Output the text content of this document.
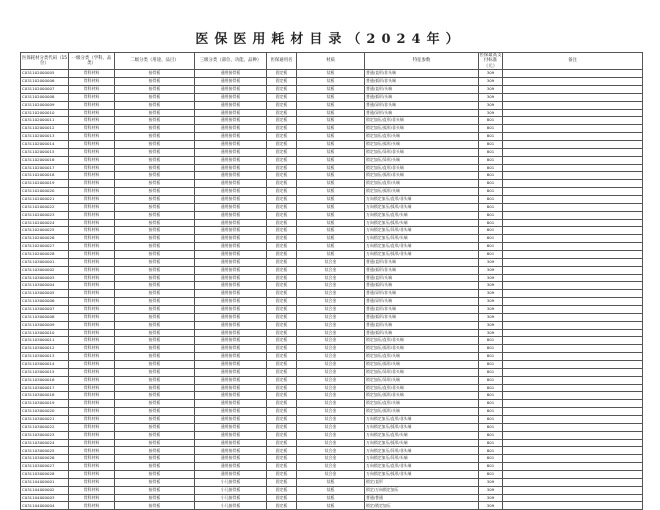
医保医用耗材目录（2024年）
医保耗材分类代码（15位）	一级分类（学科、品类）	二级分类（用途、品目）	三级分类（部位、功能、品种）	医保通用名	材质	特征参数	医保最高支付标准（元）	备注
C031102000005	骨科材料	接骨板	通用接骨板	固定板	钛板	普通/直形/非头端	309	
C031102000006	骨科材料	接骨板	通用接骨板	固定板	钛板	普通/弧形/非头端	309	
C031102000007	骨科材料	接骨板	通用接骨板	固定板	钛板	普通/直形/头端	309	
C031102000008	骨科材料	接骨板	通用接骨板	固定板	钛板	普通/弧形/头端	309	
C031102000009	骨科材料	接骨板	通用接骨板	固定板	钛板	普通/异形/非头端	309	
C031102000010	骨科材料	接骨板	通用接骨板	固定板	钛板	普通/异形/头端	309	
C031102000011	骨科材料	接骨板	通用接骨板	固定板	钛板	锁定加压/直形/非头端	801	
C031102000012	骨科材料	接骨板	通用接骨板	固定板	钛板	锁定加压/弧形/非头端	801	
C031102000013	骨科材料	接骨板	通用接骨板	固定板	钛板	锁定加压/直形/头端	801	
C031102000014	骨科材料	接骨板	通用接骨板	固定板	钛板	锁定加压/弧形/头端	801	
C031102000015	骨科材料	接骨板	通用接骨板	固定板	钛板	锁定加压/异形/非头端	801	
C031102000016	骨科材料	接骨板	通用接骨板	固定板	钛板	锁定加压/异形/头端	801	
C031102000017	骨科材料	接骨板	通用接骨板	固定板	钛板	锁定加压/直形/非头端	801	
C031102000018	骨科材料	接骨板	通用接骨板	固定板	钛板	锁定加压/弧形/非头端	801	
C031102000019	骨科材料	接骨板	通用接骨板	固定板	钛板	锁定加压/直形/头端	801	
C031102000020	骨科材料	接骨板	通用接骨板	固定板	钛板	锁定加压/弧形/头端	801	
C031102000021	骨科材料	接骨板	通用接骨板	固定板	钛板	万向锁定加压/直形/非头端	801	
C031102000022	骨科材料	接骨板	通用接骨板	固定板	钛板	万向锁定加压/弧形/非头端	801	
C031102000023	骨科材料	接骨板	通用接骨板	固定板	钛板	万向锁定加压/直形/头端	801	
C031102000024	骨科材料	接骨板	通用接骨板	固定板	钛板	万向锁定加压/弧形/头端	801	
C031102000025	骨科材料	接骨板	通用接骨板	固定板	钛板	万向锁定加压/异形/非头端	801	
C031102000026	骨科材料	接骨板	通用接骨板	固定板	钛板	万向锁定加压/异形/头端	801	
C031102000027	骨科材料	接骨板	通用接骨板	固定板	钛板	万向锁定加压/直形/非头端	801	
C031102000028	骨科材料	接骨板	通用接骨板	固定板	钛板	万向锁定加压/弧形/非头端	801	
C031103000001	骨科材料	接骨板	通用接骨板	固定板	钛合金	普通/直形/非头端	309	
C031103000002	骨科材料	接骨板	通用接骨板	固定板	钛合金	普通/弧形/非头端	309	
C031103000003	骨科材料	接骨板	通用接骨板	固定板	钛合金	普通/直形/头端	309	
C031103000004	骨科材料	接骨板	通用接骨板	固定板	钛合金	普通/弧形/头端	309	
C031103000005	骨科材料	接骨板	通用接骨板	固定板	钛合金	普通/异形/非头端	309	
C031103000006	骨科材料	接骨板	通用接骨板	固定板	钛合金	普通/异形/头端	309	
C031103000007	骨科材料	接骨板	通用接骨板	固定板	钛合金	普通/直形/非头端	309	
C031103000008	骨科材料	接骨板	通用接骨板	固定板	钛合金	普通/弧形/非头端	309	
C031103000009	骨科材料	接骨板	通用接骨板	固定板	钛合金	普通/直形/头端	309	
C031103000010	骨科材料	接骨板	通用接骨板	固定板	钛合金	普通/弧形/头端	309	
C031103000011	骨科材料	接骨板	通用接骨板	固定板	钛合金	锁定加压/直形/非头端	801	
C031103000012	骨科材料	接骨板	通用接骨板	固定板	钛合金	锁定加压/弧形/非头端	801	
C031103000013	骨科材料	接骨板	通用接骨板	固定板	钛合金	锁定加压/直形/头端	801	
C031103000014	骨科材料	接骨板	通用接骨板	固定板	钛合金	锁定加压/弧形/头端	801	
C031103000015	骨科材料	接骨板	通用接骨板	固定板	钛合金	锁定加压/异形/非头端	801	
C031103000016	骨科材料	接骨板	通用接骨板	固定板	钛合金	锁定加压/异形/头端	801	
C031103000017	骨科材料	接骨板	通用接骨板	固定板	钛合金	锁定加压/直形/非头端	801	
C031103000018	骨科材料	接骨板	通用接骨板	固定板	钛合金	锁定加压/弧形/非头端	801	
C031103000019	骨科材料	接骨板	通用接骨板	固定板	钛合金	锁定加压/直形/头端	801	
C031103000020	骨科材料	接骨板	通用接骨板	固定板	钛合金	锁定加压/弧形/头端	801	
C031103000021	骨科材料	接骨板	通用接骨板	固定板	钛合金	万向锁定加压/直形/非头端	801	
C031103000022	骨科材料	接骨板	通用接骨板	固定板	钛合金	万向锁定加压/弧形/非头端	801	
C031103000023	骨科材料	接骨板	通用接骨板	固定板	钛合金	万向锁定加压/直形/头端	801	
C031103000024	骨科材料	接骨板	通用接骨板	固定板	钛合金	万向锁定加压/弧形/头端	801	
C031103000025	骨科材料	接骨板	通用接骨板	固定板	钛合金	万向锁定加压/异形/非头端	801	
C031103000026	骨科材料	接骨板	通用接骨板	固定板	钛合金	万向锁定加压/异形/头端	801	
C031103000027	骨科材料	接骨板	通用接骨板	固定板	钛合金	万向锁定加压/直形/非头端	801	
C031103000028	骨科材料	接骨板	通用接骨板	固定板	钛合金	万向锁定加压/弧形/非头端	801	
C031104000001	骨科材料	接骨板	小儿接骨板	固定板	钛板	锁定/直形	309	
C031104000002	骨科材料	接骨板	小儿接骨板	固定板	钛板	锁定/万向锁定加压	309	
C031104000003	骨科材料	接骨板	小儿接骨板	固定板	钛板	普通/普通	309	
C031104000004	骨科材料	接骨板	小儿接骨板	固定板	钛板	锁定/锁定加压	309	
